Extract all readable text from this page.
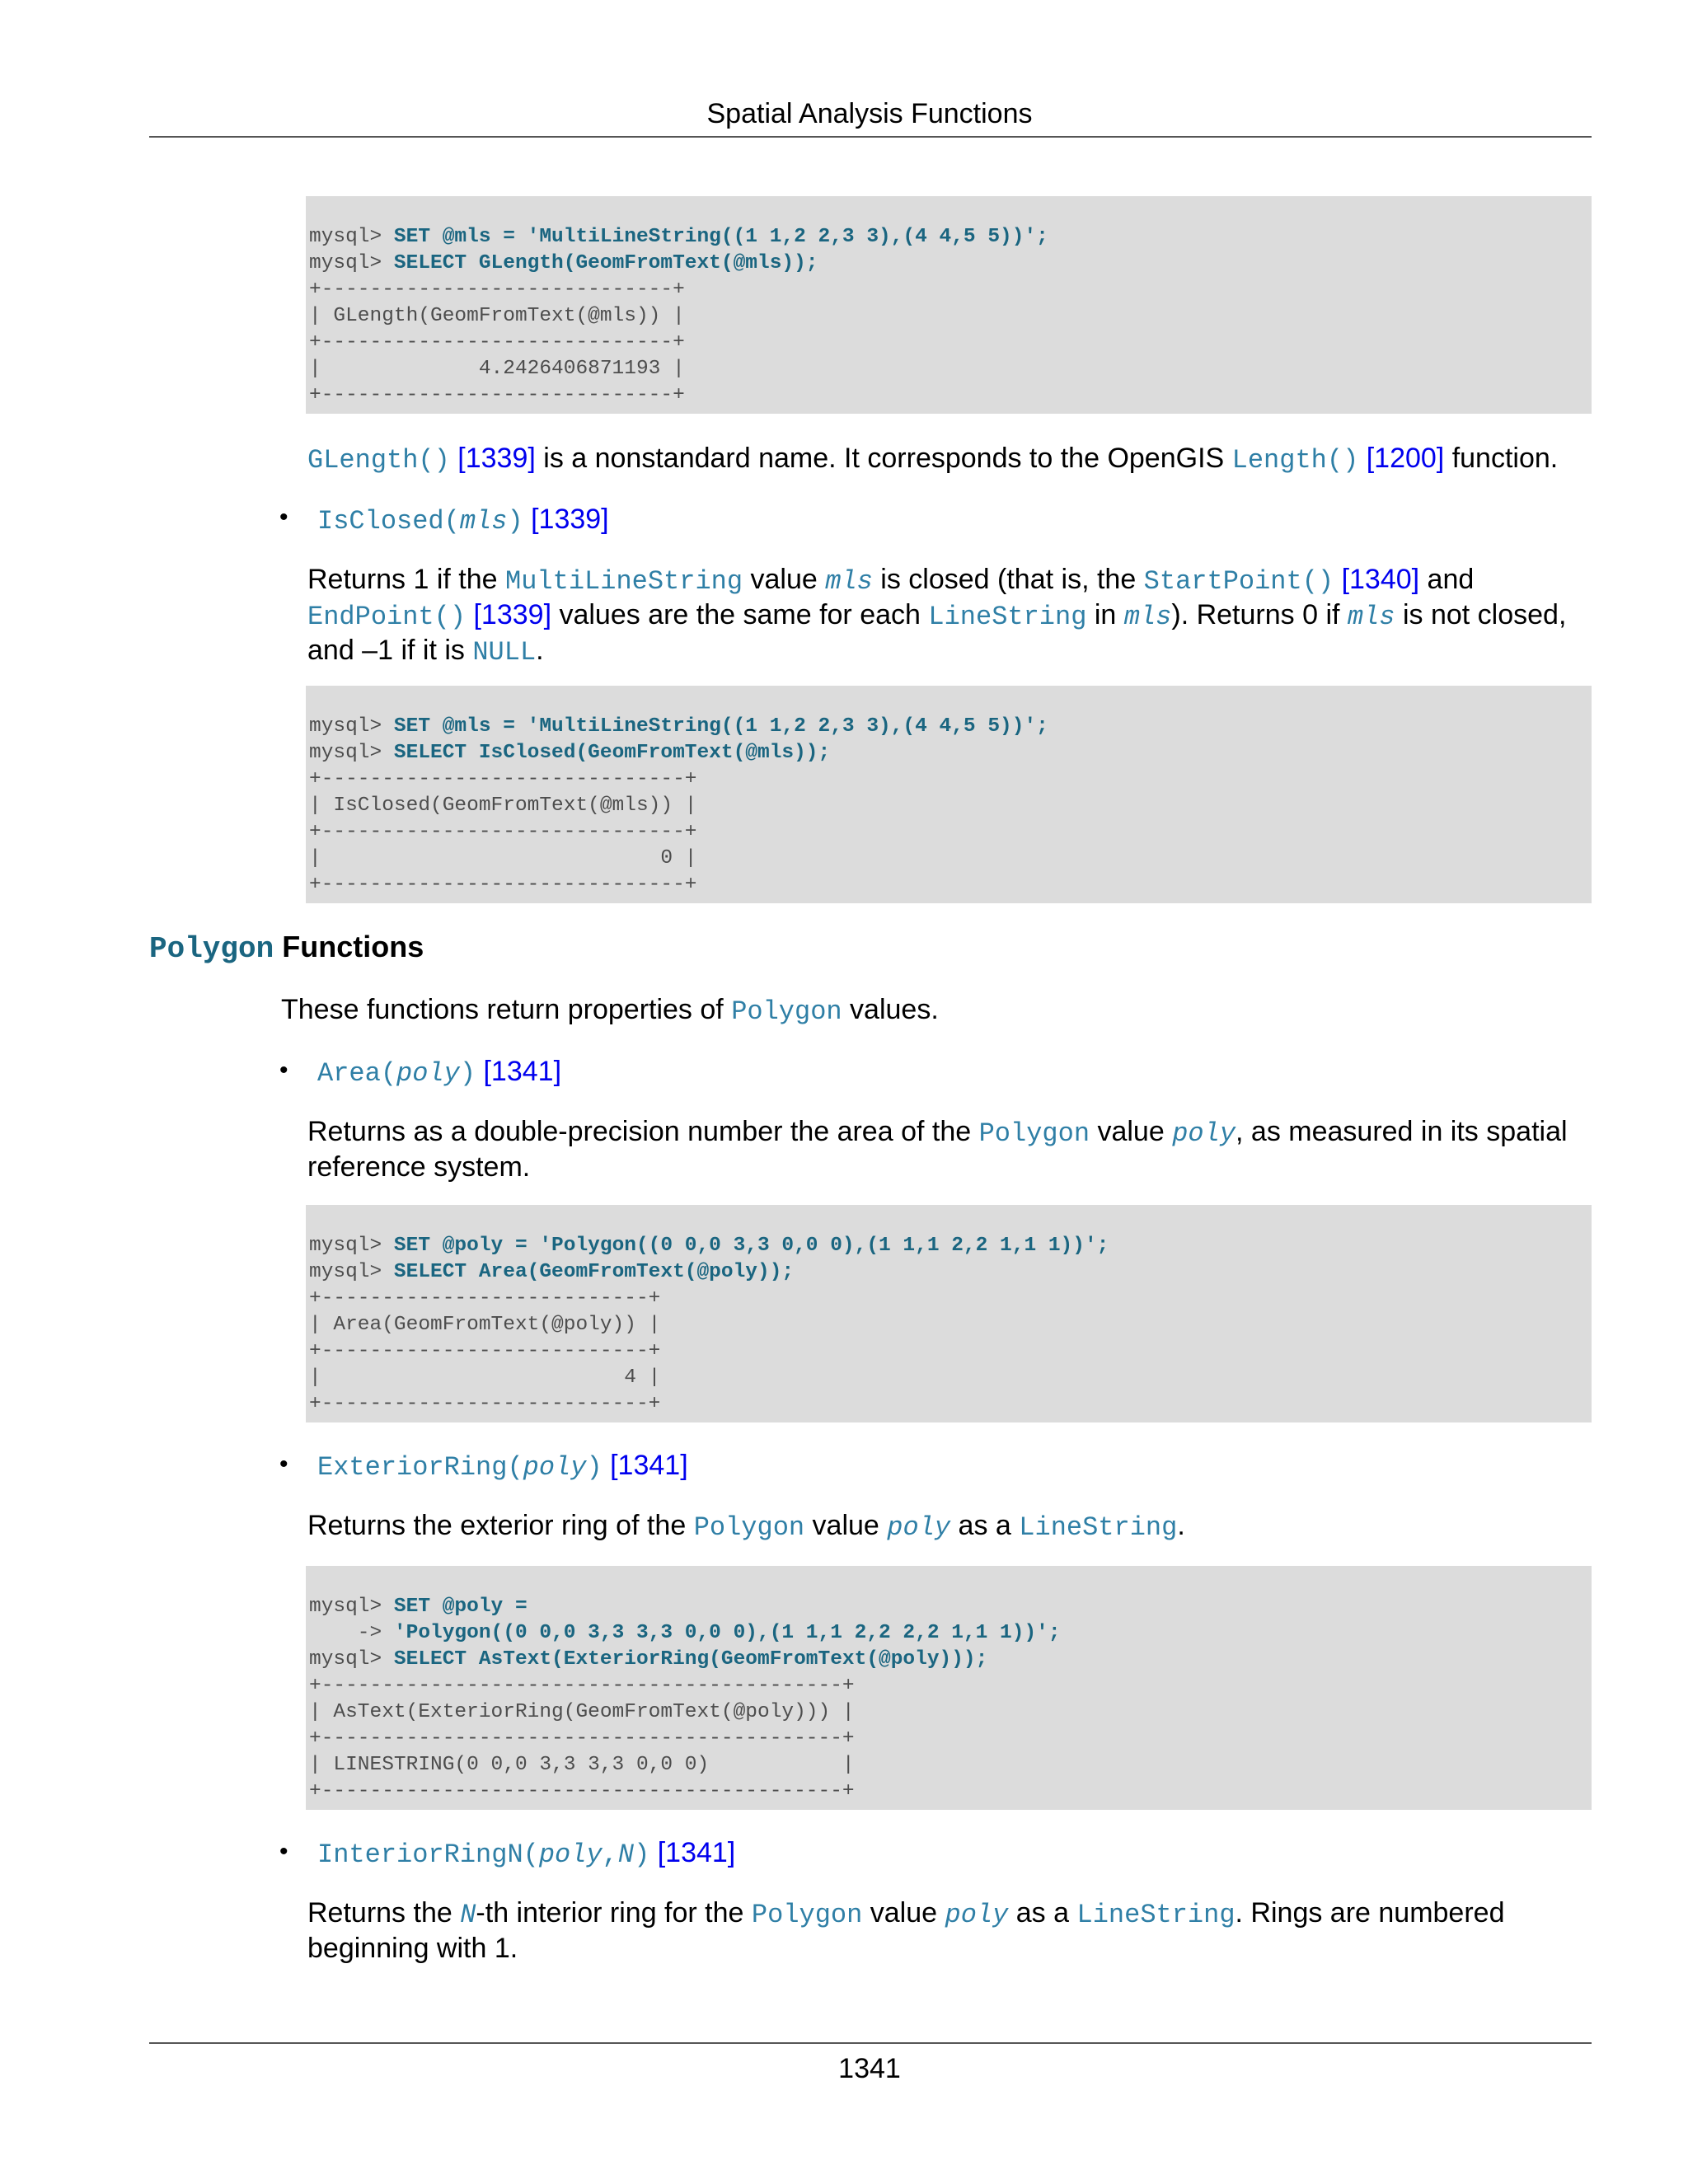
Spatial Analysis Functions
mysql> SET @mls = 'MultiLineString((1 1,2 2,3 3),(4 4,5 5))';
mysql> SELECT GLength(GeomFromText(@mls));
+-----------------------------+
| GLength(GeomFromText(@mls)) |
+-----------------------------+
|             4.2426406871193 |
+-----------------------------+
GLength() [1339] is a nonstandard name. It corresponds to the OpenGIS Length() [1200] function.
• IsClosed(mls) [1339]
Returns 1 if the MultiLineString value mls is closed (that is, the StartPoint() [1340] and
EndPoint() [1339] values are the same for each LineString in mls). Returns 0 if mls is not closed,
and –1 if it is NULL.
mysql> SET @mls = 'MultiLineString((1 1,2 2,3 3),(4 4,5 5))';
mysql> SELECT IsClosed(GeomFromText(@mls));
+------------------------------+
| IsClosed(GeomFromText(@mls)) |
+------------------------------+
|                            0 |
+------------------------------+
Polygon Functions
These functions return properties of Polygon values.
• Area(poly) [1341]
Returns as a double-precision number the area of the Polygon value poly, as measured in its spatial
reference system.
mysql> SET @poly = 'Polygon((0 0,0 3,3 0,0 0),(1 1,1 2,2 1,1 1))';
mysql> SELECT Area(GeomFromText(@poly));
+---------------------------+
| Area(GeomFromText(@poly)) |
+---------------------------+
|                         4 |
+---------------------------+
• ExteriorRing(poly) [1341]
Returns the exterior ring of the Polygon value poly as a LineString.
mysql> SET @poly =
-> 'Polygon((0 0,0 3,3 3,3 0,0 0),(1 1,1 2,2 2,2 1,1 1))';
mysql> SELECT AsText(ExteriorRing(GeomFromText(@poly)));
+-------------------------------------------+
| AsText(ExteriorRing(GeomFromText(@poly))) |
+-------------------------------------------+
| LINESTRING(0 0,0 3,3 3,3 0,0 0)           |
+-------------------------------------------+
• InteriorRingN(poly,N) [1341]
Returns the N-th interior ring for the Polygon value poly as a LineString. Rings are numbered
beginning with 1.
1341
